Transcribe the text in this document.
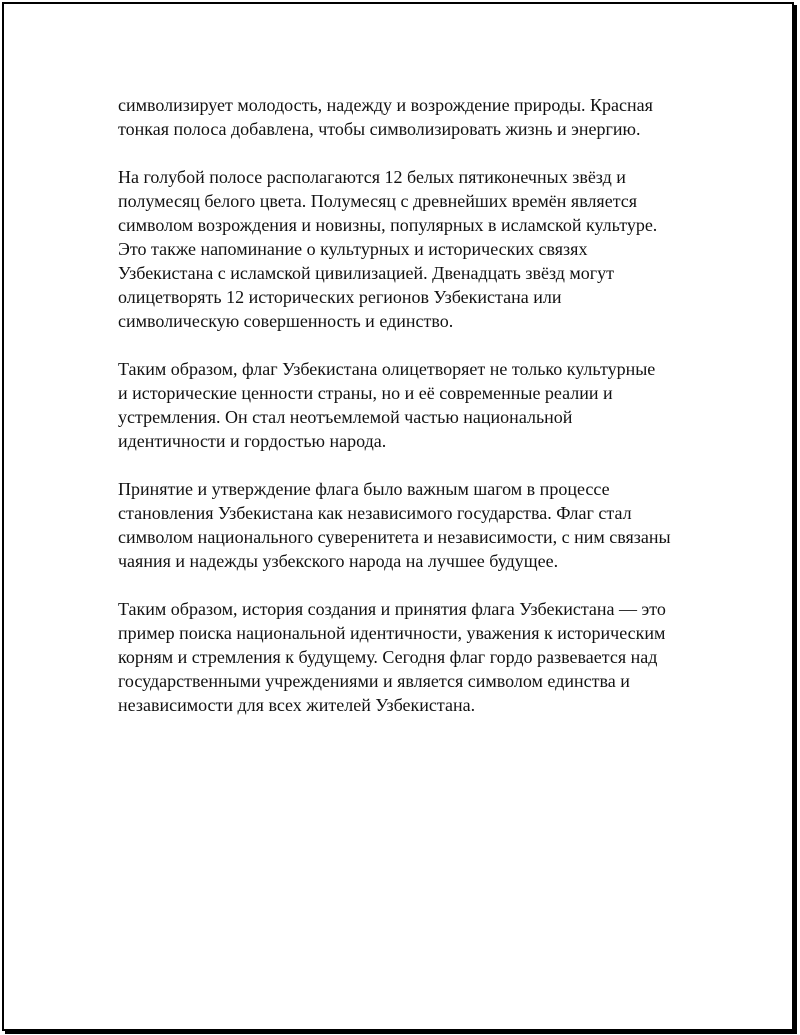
символизирует молодость, надежду и возрождение природы. Красная
тонкая полоса добавлена, чтобы символизировать жизнь и энергию.

На голубой полосе располагаются 12 белых пятиконечных звёзд и
полумесяц белого цвета. Полумесяц с древнейших времён является
символом возрождения и новизны, популярных в исламской культуре.
Это также напоминание о культурных и исторических связях
Узбекистана с исламской цивилизацией. Двенадцать звёзд могут
олицетворять 12 исторических регионов Узбекистана или
символическую совершенность и единство.

Таким образом, флаг Узбекистана олицетворяет не только культурные
и исторические ценности страны, но и её современные реалии и
устремления. Он стал неотъемлемой частью национальной
идентичности и гордостью народа.

Принятие и утверждение флага было важным шагом в процессе
становления Узбекистана как независимого государства. Флаг стал
символом национального суверенитета и независимости, с ним связаны
чаяния и надежды узбекского народа на лучшее будущее.

Таким образом, история создания и принятия флага Узбекистана — это
пример поиска национальной идентичности, уважения к историческим
корням и стремления к будущему. Сегодня флаг гордо развевается над
государственными учреждениями и является символом единства и
независимости для всех жителей Узбекистана.
